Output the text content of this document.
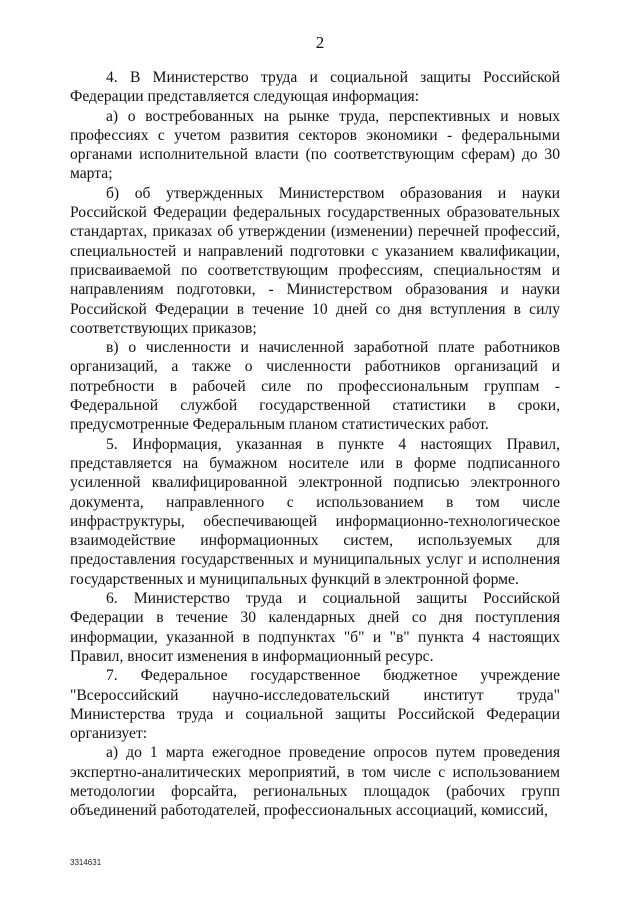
2

4. В Министерство труда и социальной защиты Российской Федерации представляется следующая информация:

а) о востребованных на рынке труда, перспективных и новых профессиях с учетом развития секторов экономики - федеральными органами исполнительной власти (по соответствующим сферам) до 30 марта;

б) об утвержденных Министерством образования и науки Российской Федерации федеральных государственных образовательных стандартах, приказах об утверждении (изменении) перечней профессий, специальностей и направлений подготовки с указанием квалификации, присваиваемой по соответствующим профессиям, специальностям и направлениям подготовки, - Министерством образования и науки Российской Федерации в течение 10 дней со дня вступления в силу соответствующих приказов;

в) о численности и начисленной заработной плате работников организаций, а также о численности работников организаций и потребности в рабочей силе по профессиональным группам - Федеральной службой государственной статистики в сроки, предусмотренные Федеральным планом статистических работ.

5. Информация, указанная в пункте 4 настоящих Правил, представляется на бумажном носителе или в форме подписанного усиленной квалифицированной электронной подписью электронного документа, направленного с использованием в том числе инфраструктуры, обеспечивающей информационно-технологическое взаимодействие информационных систем, используемых для предоставления государственных и муниципальных услуг и исполнения государственных и муниципальных функций в электронной форме.

6. Министерство труда и социальной защиты Российской Федерации в течение 30 календарных дней со дня поступления информации, указанной в подпунктах "б" и "в" пункта 4 настоящих Правил, вносит изменения в информационный ресурс.

7. Федеральное государственное бюджетное учреждение "Всероссийский научно-исследовательский институт труда" Министерства труда и социальной защиты Российской Федерации организует:

а) до 1 марта ежегодное проведение опросов путем проведения экспертно-аналитических мероприятий, в том числе с использованием методологии форсайта, региональных площадок (рабочих групп объединений работодателей, профессиональных ассоциаций, комиссий,

3314631
